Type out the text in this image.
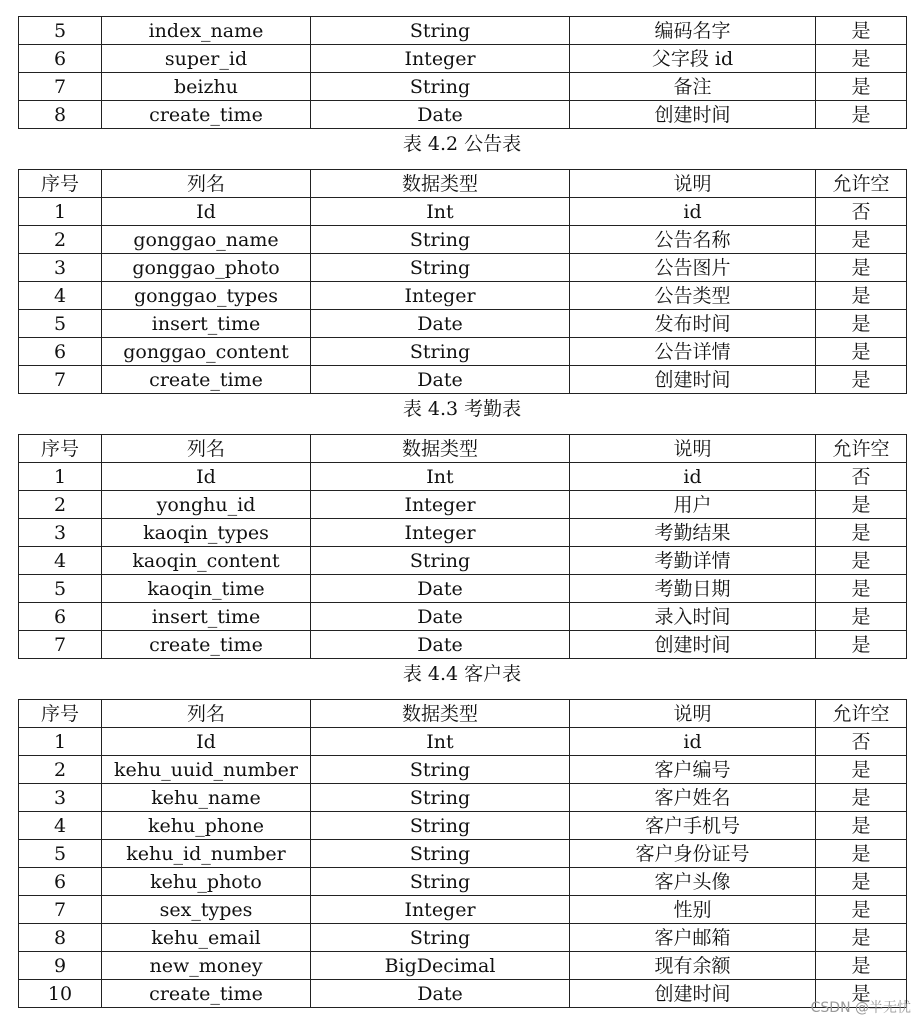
5	index_name	String	编码名字	是
6	super_id	Integer	父字段 id	是
7	beizhu	String	备注	是
8	create_time	Date	创建时间	是
表 4.2 公告表
序号	列名	数据类型	说明	允许空
1	Id	Int	id	否
2	gonggao_name	String	公告名称	是
3	gonggao_photo	String	公告图片	是
4	gonggao_types	Integer	公告类型	是
5	insert_time	Date	发布时间	是
6	gonggao_content	String	公告详情	是
7	create_time	Date	创建时间	是
表 4.3 考勤表
序号	列名	数据类型	说明	允许空
1	Id	Int	id	否
2	yonghu_id	Integer	用户	是
3	kaoqin_types	Integer	考勤结果	是
4	kaoqin_content	String	考勤详情	是
5	kaoqin_time	Date	考勤日期	是
6	insert_time	Date	录入时间	是
7	create_time	Date	创建时间	是
表 4.4 客户表
序号	列名	数据类型	说明	允许空
1	Id	Int	id	否
2	kehu_uuid_number	String	客户编号	是
3	kehu_name	String	客户姓名	是
4	kehu_phone	String	客户手机号	是
5	kehu_id_number	String	客户身份证号	是
6	kehu_photo	String	客户头像	是
7	sex_types	Integer	性别	是
8	kehu_email	String	客户邮箱	是
9	new_money	BigDecimal	现有余额	是
10	create_time	Date	创建时间	是
CSDN @半无忧
